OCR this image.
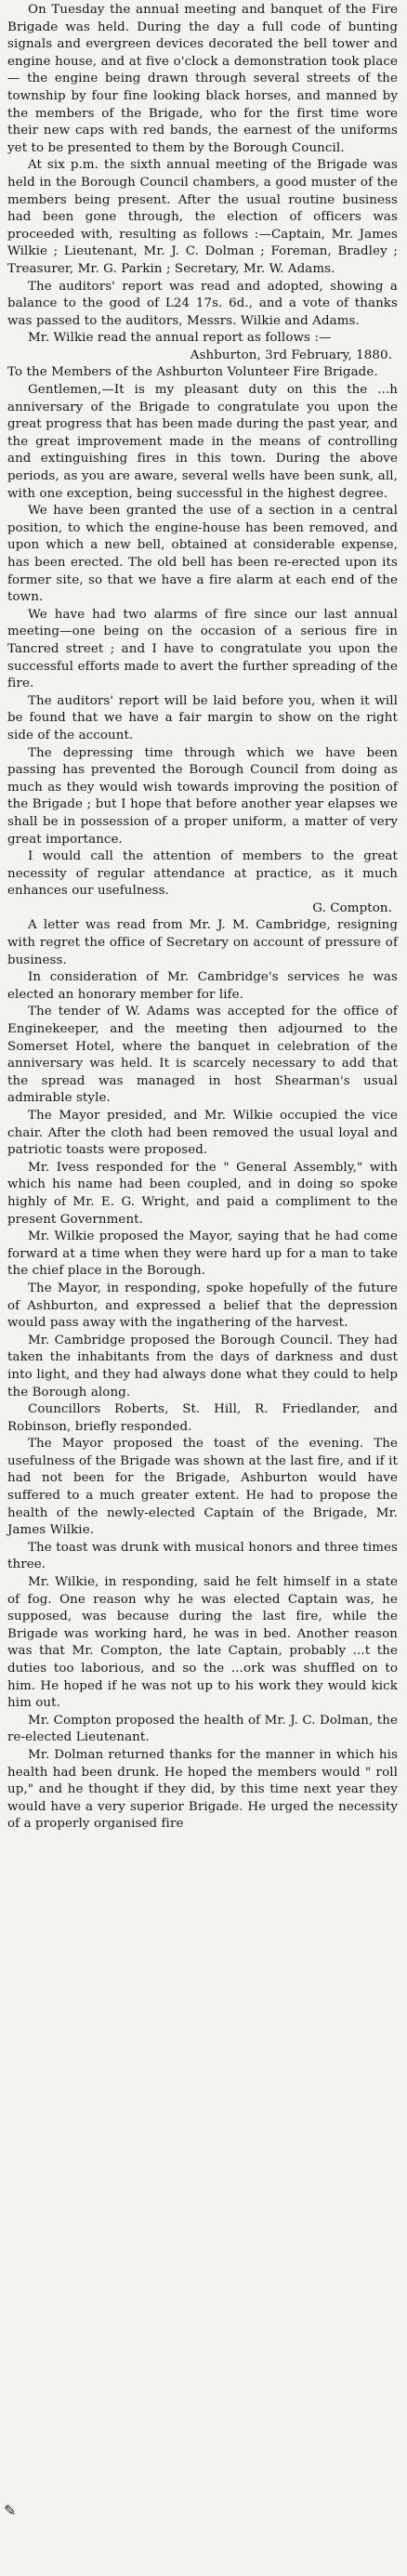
On Tuesday the annual meeting and banquet of the Fire Brigade was held. During the day a full code of bunting signals and evergreen devices decorated the bell tower and engine house, and at five o'clock a demonstration took place— the engine being drawn through several streets of the township by four fine looking black horses, and manned by the members of the Brigade, who for the first time wore their new caps with red bands, the earnest of the uniforms yet to be presented to them by the Borough Council.

At six p.m. the sixth annual meeting of the Brigade was held in the Borough Council chambers, a good muster of the members being present. After the usual routine business had been gone through, the election of officers was proceeded with, resulting as follows :—Captain, Mr. James Wilkie ; Lieutenant, Mr. J. C. Dolman ; Foreman, Bradley ; Treasurer, Mr. G. Parkin ; Secretary, Mr. W. Adams.

The auditors' report was read and adopted, showing a balance to the good of L24 17s. 6d., and a vote of thanks was passed to the auditors, Messrs. Wilkie and Adams.

Mr. Wilkie read the annual report as follows :—

Ashburton, 3rd February, 1880.

To the Members of the Ashburton Volunteer Fire Brigade.

Gentlemen,—It is my pleasant duty on this the ...h anniversary of the Brigade to congratulate you upon the great progress that has been made during the past year, and the great improvement made in the means of controlling and extinguishing fires in this town. During the above periods, as you are aware, several wells have been sunk, all, with one exception, being successful in the highest degree.

We have been granted the use of a section in a central position, to which the engine-house has been removed, and upon which a new bell, obtained at considerable expense, has been erected. The old bell has been re-erected upon its former site, so that we have a fire alarm at each end of the town.

We have had two alarms of fire since our last annual meeting—one being on the occasion of a serious fire in Tancred street ; and I have to congratulate you upon the successful efforts made to avert the further spreading of the fire.

The auditors' report will be laid before you, when it will be found that we have a fair margin to show on the right side of the account.

The depressing time through which we have been passing has prevented the Borough Council from doing as much as they would wish towards improving the position of the Brigade ; but I hope that before another year elapses we shall be in possession of a proper uniform, a matter of very great importance.

I would call the attention of members to the great necessity of regular attendance at practice, as it much enhances our usefulness.

G. Compton.

A letter was read from Mr. J. M. Cambridge, resigning with regret the office of Secretary on account of pressure of business.

In consideration of Mr. Cambridge's services he was elected an honorary member for life.

The tender of W. Adams was accepted for the office of Enginekeeper, and the meeting then adjourned to the Somerset Hotel, where the banquet in celebration of the anniversary was held. It is scarcely necessary to add that the spread was managed in host Shearman's usual admirable style.

The Mayor presided, and Mr. Wilkie occupied the vice chair. After the cloth had been removed the usual loyal and patriotic toasts were proposed.

Mr. Ivess responded for the " General Assembly," with which his name had been coupled, and in doing so spoke highly of Mr. E. G. Wright, and paid a compliment to the present Government.

Mr. Wilkie proposed the Mayor, saying that he had come forward at a time when they were hard up for a man to take the chief place in the Borough.

The Mayor, in responding, spoke hopefully of the future of Ashburton, and expressed a belief that the depression would pass away with the ingathering of the harvest.

Mr. Cambridge proposed the Borough Council. They had taken the inhabitants from the days of darkness and dust into light, and they had always done what they could to help the Borough along.

Councillors Roberts, St. Hill, R. Friedlander, and Robinson, briefly responded.

The Mayor proposed the toast of the evening. The usefulness of the Brigade was shown at the last fire, and if it had not been for the Brigade, Ashburton would have suffered to a much greater extent. He had to propose the health of the newly-elected Captain of the Brigade, Mr. James Wilkie.

The toast was drunk with musical honors and three times three.

Mr. Wilkie, in responding, said he felt himself in a state of fog. One reason why he was elected Captain was, he supposed, was because during the last fire, while the Brigade was working hard, he was in bed. Another reason was that Mr. Compton, the late Captain, probably ...t the duties too laborious, and so the ...ork was shuffled on to him. He hoped if he was not up to his work they would kick him out.

Mr. Compton proposed the health of Mr. J. C. Dolman, the re-elected Lieutenant.

Mr. Dolman returned thanks for the manner in which his health had been drunk. He hoped the members would " roll up," and he thought if they did, by this time next year they would have a very superior Brigade. He urged the necessity of a properly organised fire

✎
